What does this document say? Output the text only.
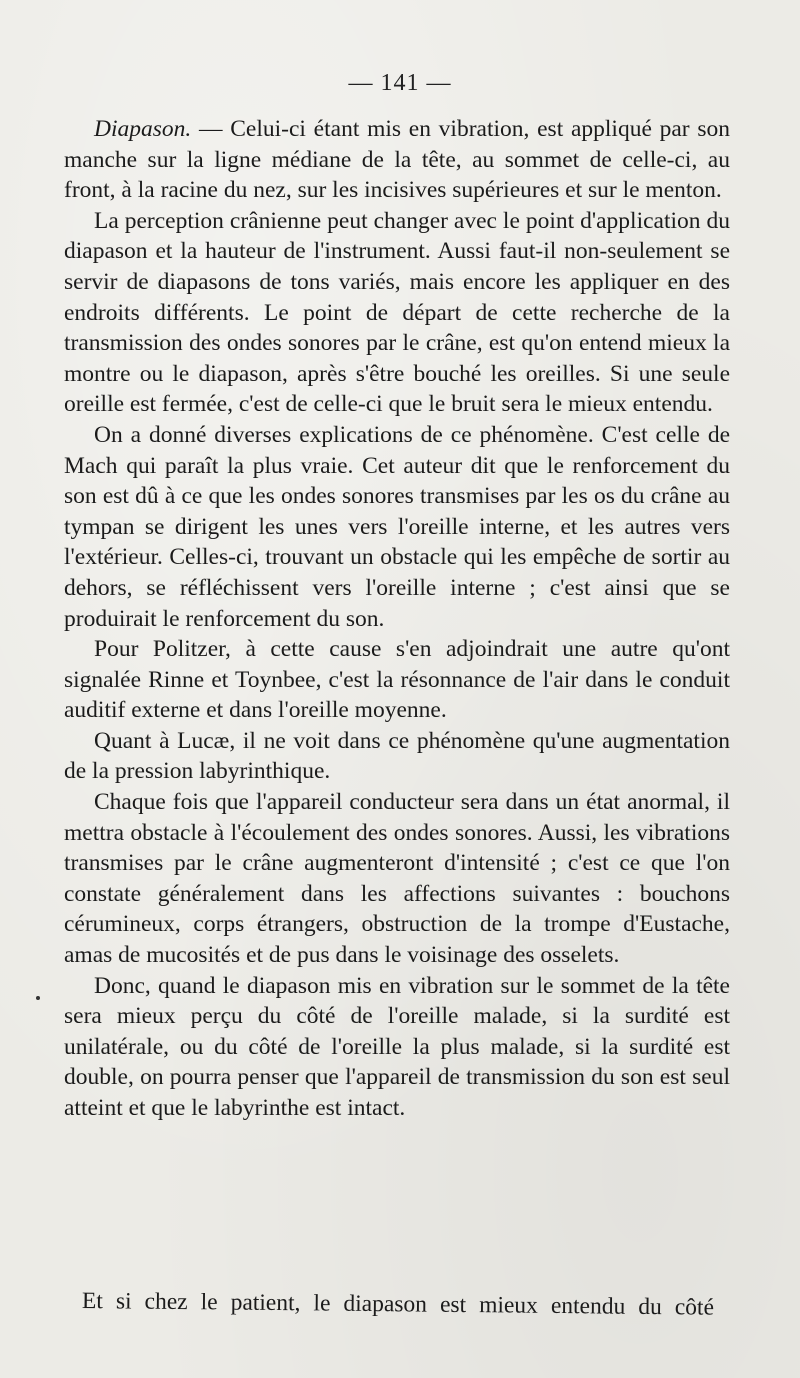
— 141 —

Diapason. — Celui-ci étant mis en vibration, est appliqué par son manche sur la ligne médiane de la tête, au sommet de celle-ci, au front, à la racine du nez, sur les incisives supérieures et sur le menton.

La perception crânienne peut changer avec le point d'application du diapason et la hauteur de l'instrument. Aussi faut-il non-seulement se servir de diapasons de tons variés, mais encore les appliquer en des endroits différents. Le point de départ de cette recherche de la transmission des ondes sonores par le crâne, est qu'on entend mieux la montre ou le diapason, après s'être bouché les oreilles. Si une seule oreille est fermée, c'est de celle-ci que le bruit sera le mieux entendu.

On a donné diverses explications de ce phénomène. C'est celle de Mach qui paraît la plus vraie. Cet auteur dit que le renforcement du son est dû à ce que les ondes sonores transmises par les os du crâne au tympan se dirigent les unes vers l'oreille interne, et les autres vers l'extérieur. Celles-ci, trouvant un obstacle qui les empêche de sortir au dehors, se réfléchissent vers l'oreille interne ; c'est ainsi que se produirait le renforcement du son.

Pour Politzer, à cette cause s'en adjoindrait une autre qu'ont signalée Rinne et Toynbee, c'est la résonnance de l'air dans le conduit auditif externe et dans l'oreille moyenne.

Quant à Lucæ, il ne voit dans ce phénomène qu'une augmentation de la pression labyrinthique.

Chaque fois que l'appareil conducteur sera dans un état anormal, il mettra obstacle à l'écoulement des ondes sonores. Aussi, les vibrations transmises par le crâne augmenteront d'intensité ; c'est ce que l'on constate généralement dans les affections suivantes : bouchons cérumineux, corps étrangers, obstruction de la trompe d'Eustache, amas de mucosités et de pus dans le voisinage des osselets.

Donc, quand le diapason mis en vibration sur le sommet de la tête sera mieux perçu du côté de l'oreille malade, si la surdité est unilatérale, ou du côté de l'oreille la plus malade, si la surdité est double, on pourra penser que l'appareil de transmission du son est seul atteint et que le labyrinthe est intact.

Et si chez le patient, le diapason est mieux entendu du côté
